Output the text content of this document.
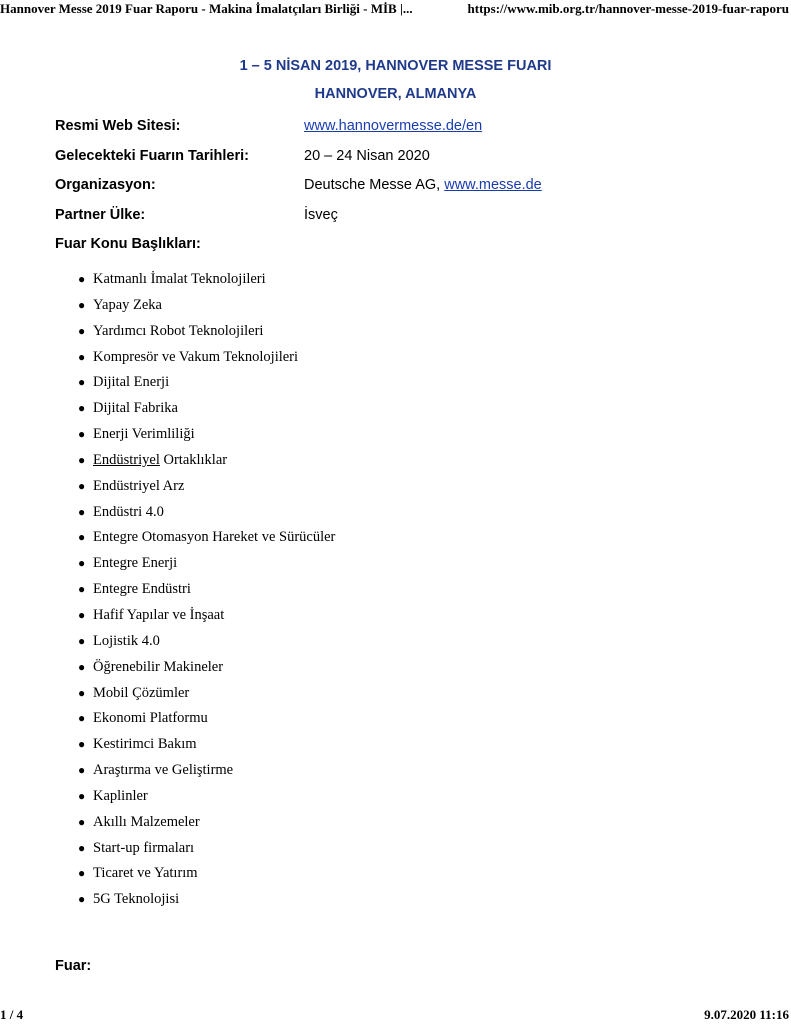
Hannover Messe 2019 Fuar Raporu - Makina İmalatçıları Birliği - MİB |...	https://www.mib.org.tr/hannover-messe-2019-fuar-raporu
1 – 5 NİSAN 2019, HANNOVER MESSE FUARI
HANNOVER, ALMANYA
Resmi Web Sitesi:	www.hannovermesse.de/en
Gelecekteki Fuarın Tarihleri:	20 – 24 Nisan 2020
Organizasyon:	Deutsche Messe AG, www.messe.de
Partner Ülke:	İsveç
Fuar Konu Başlıkları:
● Katmanlı İmalat Teknolojileri
● Yapay Zeka
● Yardımcı Robot Teknolojileri
● Kompresör ve Vakum Teknolojileri
● Dijital Enerji
● Dijital Fabrika
● Enerji Verimliliği
● Endüstriyel Ortaklıklar
● Endüstriyel Arz
● Endüstri 4.0
● Entegre Otomasyon Hareket ve Sürücüler
● Entegre Enerji
● Entegre Endüstri
● Hafif Yapılar ve İnşaat
● Lojistik 4.0
● Öğrenebilir Makineler
● Mobil Çözümler
● Ekonomi Platformu
● Kestirimci Bakım
● Araştırma ve Geliştirme
● Kaplinler
● Akıllı Malzemeler
● Start-up firmaları
● Ticaret ve Yatırım
● 5G Teknolojisi
Fuar:
1 / 4	9.07.2020 11:16
